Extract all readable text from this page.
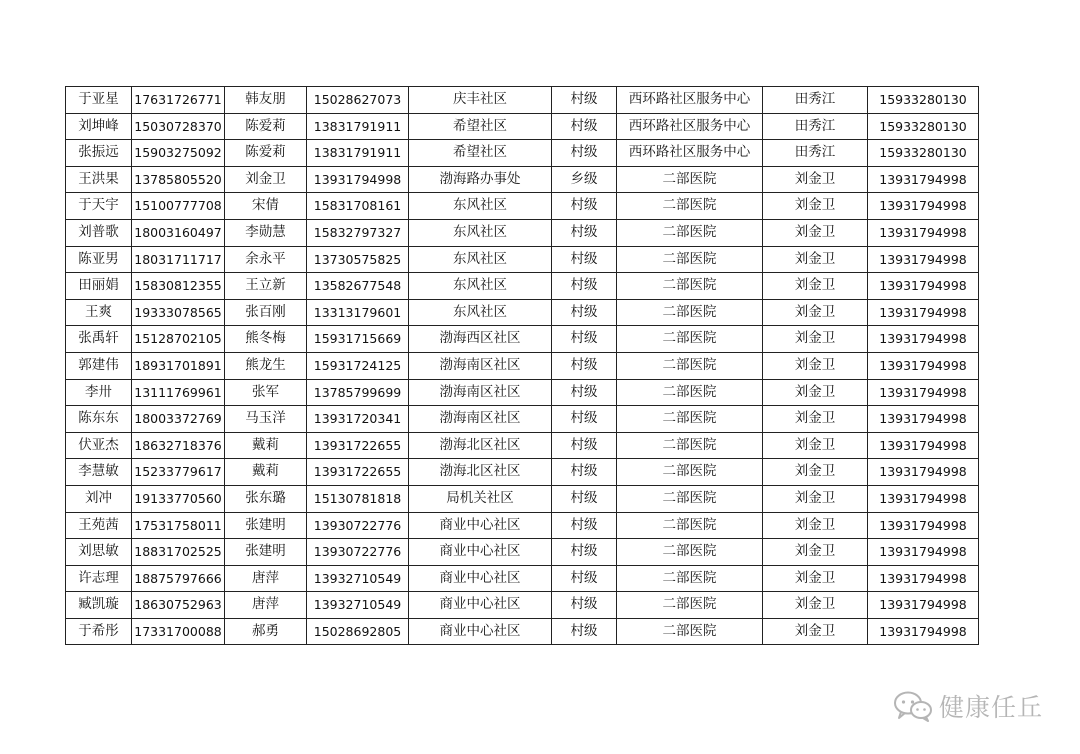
于亚星	17631726771	韩友朋	15028627073	庆丰社区	村级	西环路社区服务中心	田秀江	15933280130
刘坤峰	15030728370	陈爱莉	13831791911	希望社区	村级	西环路社区服务中心	田秀江	15933280130
张振远	15903275092	陈爱莉	13831791911	希望社区	村级	西环路社区服务中心	田秀江	15933280130
王洪果	13785805520	刘金卫	13931794998	渤海路办事处	乡级	二部医院	刘金卫	13931794998
于天宇	15100777708	宋倩	15831708161	东风社区	村级	二部医院	刘金卫	13931794998
刘普歌	18003160497	李勋慧	15832797327	东风社区	村级	二部医院	刘金卫	13931794998
陈亚男	18031711717	余永平	13730575825	东风社区	村级	二部医院	刘金卫	13931794998
田丽娟	15830812355	王立新	13582677548	东风社区	村级	二部医院	刘金卫	13931794998
王爽	19333078565	张百刚	13313179601	东风社区	村级	二部医院	刘金卫	13931794998
张禹轩	15128702105	熊冬梅	15931715669	渤海西区社区	村级	二部医院	刘金卫	13931794998
郭建伟	18931701891	熊龙生	15931724125	渤海南区社区	村级	二部医院	刘金卫	13931794998
李卅	13111769961	张军	13785799699	渤海南区社区	村级	二部医院	刘金卫	13931794998
陈东东	18003372769	马玉洋	13931720341	渤海南区社区	村级	二部医院	刘金卫	13931794998
伏亚杰	18632718376	戴莉	13931722655	渤海北区社区	村级	二部医院	刘金卫	13931794998
李慧敏	15233779617	戴莉	13931722655	渤海北区社区	村级	二部医院	刘金卫	13931794998
刘冲	19133770560	张东璐	15130781818	局机关社区	村级	二部医院	刘金卫	13931794998
王苑茜	17531758011	张建明	13930722776	商业中心社区	村级	二部医院	刘金卫	13931794998
刘思敏	18831702525	张建明	13930722776	商业中心社区	村级	二部医院	刘金卫	13931794998
许志理	18875797666	唐萍	13932710549	商业中心社区	村级	二部医院	刘金卫	13931794998
臧凯璇	18630752963	唐萍	13932710549	商业中心社区	村级	二部医院	刘金卫	13931794998
于希彤	17331700088	郝勇	15028692805	商业中心社区	村级	二部医院	刘金卫	13931794998
健康任丘
